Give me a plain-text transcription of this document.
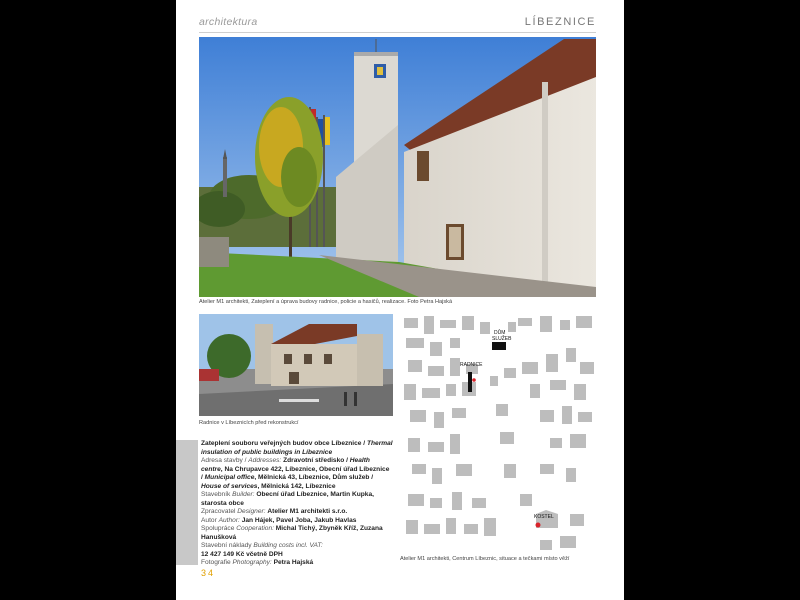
architektura	LÍBEZNICE
Atelier M1 architekti, Zateplení a úprava budovy radnice, policie a hasičů, realizace. Foto Petra Hajská
Radnice v Líbeznicích před rekonstrukcí
DŮM
SLUŽEB
RADNICE
KOSTEL
Atelier M1 architekti, Centrum Líbeznic, situace a tečkami místo věží
Zateplení souboru veřejných budov obce Líbeznice / Thermal insulation of public buildings in Líbeznice
Adresa stavby / Addresses: Zdravotní středisko / Health centre, Na Chrupavce 422, Líbeznice, Obecní úřad Líbeznice / Municipal office, Mělnická 43, Líbeznice, Dům služeb / House of services, Mělnická 142, Líbeznice
Stavebník Builder: Obecní úřad Líbeznice, Martin Kupka, starosta obce
Zpracovatel Designer: Atelier M1 architekti s.r.o.
Autor Author: Jan Hájek, Pavel Joba, Jakub Havlas
Spolupráce Cooperation: Michal Tichý, Zbyněk Kříž, Zuzana Hanušková
Stavební náklady Building costs incl. VAT:
12 427 149 Kč včetně DPH
Fotografie Photography: Petra Hajská
34
